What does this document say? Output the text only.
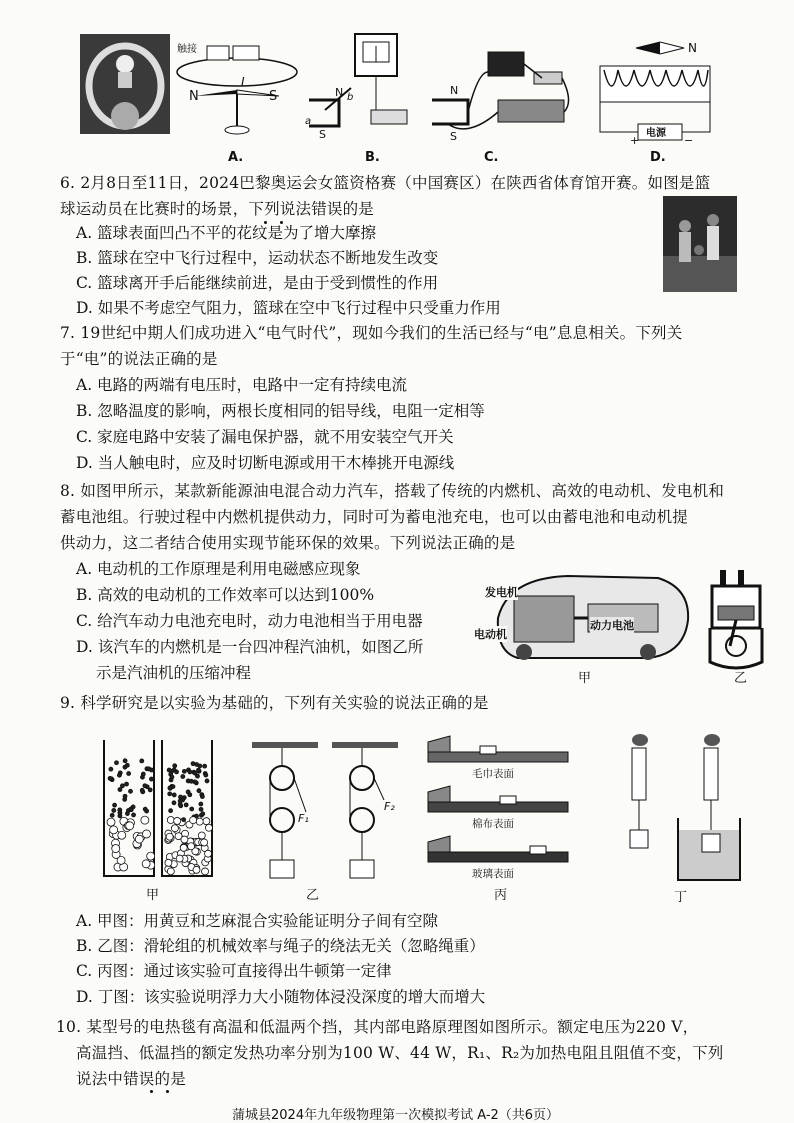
触接
I
N	S	N b
a
S
N
S
N
电源
+	−
A.	B.	C.	D.
6. 2月8日至11日，2024巴黎奥运会女篮资格赛（中国赛区）在陕西省体育馆开赛。如图是篮
球运动员在比赛时的场景，下列说法错误的是
A. 篮球表面凹凸不平的花纹是为了增大摩擦
B. 篮球在空中飞行过程中，运动状态不断地发生改变
C. 篮球离开手后能继续前进，是由于受到惯性的作用
D. 如果不考虑空气阻力，篮球在空中飞行过程中只受重力作用
7. 19世纪中期人们成功进入“电气时代”，现如今我们的生活已经与“电”息息相关。下列关
于“电”的说法正确的是
A. 电路的两端有电压时，电路中一定有持续电流
B. 忽略温度的影响，两根长度相同的铝导线，电阻一定相等
C. 家庭电路中安装了漏电保护器，就不用安装空气开关
D. 当人触电时，应及时切断电源或用干木棒挑开电源线
8. 如图甲所示，某款新能源油电混合动力汽车，搭载了传统的内燃机、高效的电动机、发电机和
蓄电池组。行驶过程中内燃机提供动力，同时可为蓄电池充电，也可以由蓄电池和电动机提
供动力，这二者结合使用实现节能环保的效果。下列说法正确的是
A. 电动机的工作原理是利用电磁感应现象
B. 高效的电动机的工作效率可以达到100%
C. 给汽车动力电池充电时，动力电池相当于用电器
D. 该汽车的内燃机是一台四冲程汽油机，如图乙所
示是汽油机的压缩冲程
发电机
电动机
动力电池
甲	乙
9. 科学研究是以实验为基础的，下列有关实验的说法正确的是
F₁
F₂
毛巾表面
棉布表面
玻璃表面
甲	乙	丙	丁
A. 甲图：用黄豆和芝麻混合实验能证明分子间有空隙
B. 乙图：滑轮组的机械效率与绳子的绕法无关（忽略绳重）
C. 丙图：通过该实验可直接得出牛顿第一定律
D. 丁图：该实验说明浮力大小随物体浸没深度的增大而增大
10. 某型号的电热毯有高温和低温两个挡，其内部电路原理图如图所示。额定电压为220 V，
高温挡、低温挡的额定发热功率分别为100 W、44 W，R₁、R₂为加热电阻且阻值不变，下列
说法中错误的是
蒲城县2024年九年级物理第一次模拟考试 A-2（共6页）
